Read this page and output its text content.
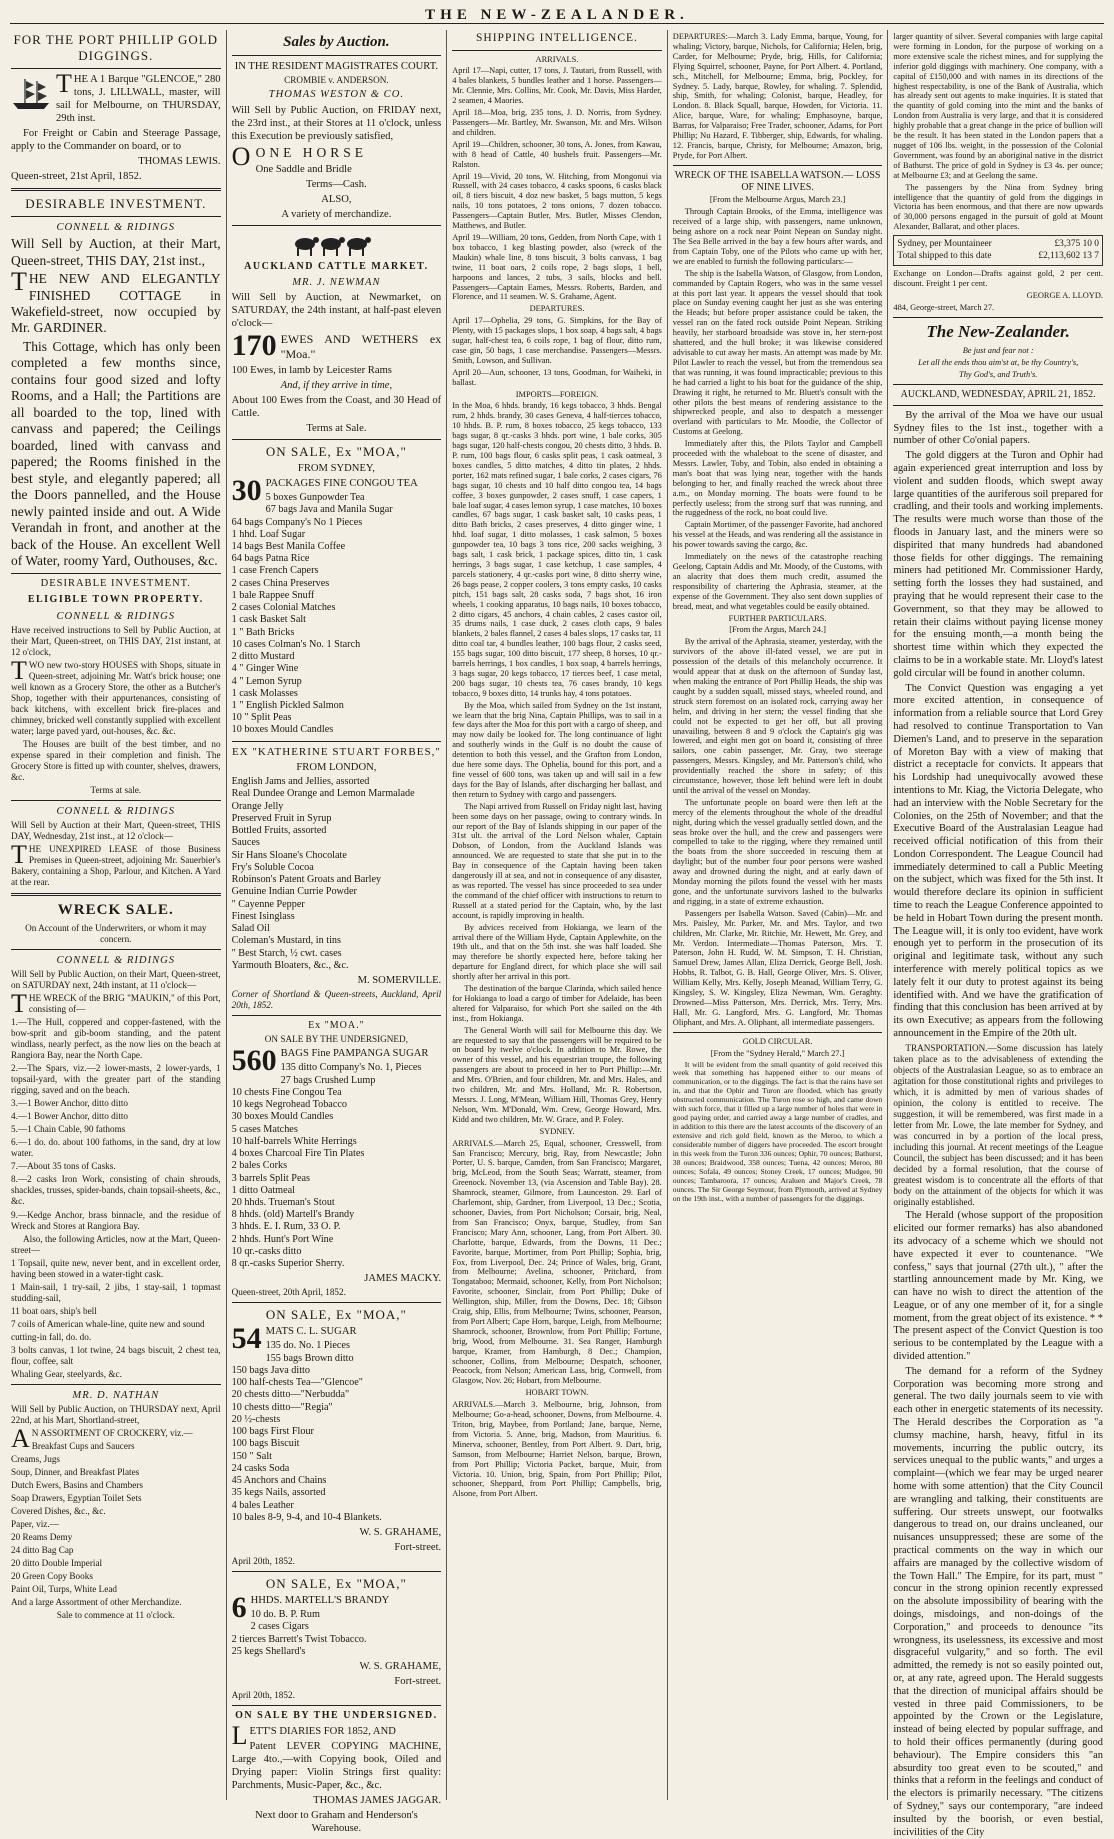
THE NEW-ZEALANDER.
FOR THE PORT PHILLIP GOLD DIGGINGS.

THE A 1 Barque "GLENCOE," 280 tons, J. LILLWALL, master, will sail for Melbourne, on THURSDAY, 29th inst.

For Freight or Cabin and Steerage Passage, apply to the Commander on board, or to

THOMAS LEWIS.

Queen-street, 21st April, 1852.

DESIRABLE INVESTMENT.
CONNELL & RIDINGS

Will Sell by Auction, at their Mart, Queen-street, THIS DAY, 21st inst.,

THE NEW AND ELEGANTLY FINISHED COTTAGE in Wakefield-street, now occupied by Mr. GARDINER.

This Cottage, which has only been completed a few months since, contains four good sized and lofty Rooms, and a Hall; the Partitions are all boarded to the top, lined with canvass and papered; the Ceilings boarded, lined with canvass and papered; the Rooms finished in the best style, and elegantly papered; all the Doors pannelled, and the House newly painted inside and out. A Wide Verandah in front, and another at the back of the House. An excellent Well of Water, roomy Yard, Outhouses, &c.

DESIRABLE INVESTMENT.
ELIGIBLE TOWN PROPERTY.
CONNELL & RIDINGS

Have received instructions to Sell by Public Auction, at their Mart, Queen-street, on THIS DAY, 21st instant, at 12 o'clock,

TWO new two-story HOUSES with Shops, situate in Queen-street, adjoining Mr. Watt's brick house; one well known as a Grocery Store, the other as a Butcher's Shop, together with their appurtenances, consisting of back kitchens, with excellent brick fire-places and chimney, bricked well constantly supplied with excellent water; large paved yard, out-houses, &c. &c.

The Houses are built of the best timber, and no expense spared in their completion and finish. The Grocery Store is fitted up with counter, shelves, drawers, &c.

Terms at sale.

CONNELL & RIDINGS

Will Sell by Auction at their Mart, Queen-street, THIS DAY, Wednesday, 21st inst., at 12 o'clock—

THE UNEXPIRED LEASE of those Business Premises in Queen-street, adjoining Mr. Sauerbier's Bakery, containing a Shop, Parlour, and Kitchen. A Yard at the rear.

WRECK SALE.

On Account of the Underwriters, or whom it may concern.

CONNELL & RIDINGS

Will Sell by Public Auction, on their Mart, Queen-street, on SATURDAY next, 24th instant, at 11 o'clock—

THE WRECK of the BRIG "MAUKIN," of this Port, consisting of—

1.—The Hull, coppered and copper-fastened, with the bow-sprit and gib-boom standing, and the patent windlass, nearly perfect, as the now lies on the beach at Rangiora Bay, near the North Cape.

2.—The Spars, viz.—2 lower-masts, 2 lower-yards, 1 topsail-yard, with the greater part of the standing rigging, saved and on the beach.

3.—1 Bower Anchor, ditto ditto

4.—1 Bower Anchor, ditto ditto

5.—1 Chain Cable, 90 fathoms

6.—1 do. do. about 100 fathoms, in the sand, dry at low water.

7.—About 35 tons of Casks.

8.—2 casks Iron Work, consisting of chain shrouds, shackles, trusses, spider-bands, chain topsail-sheets, &c., &c.

9.—Kedge Anchor, brass binnacle, and the residue of Wreck and Stores at Rangiora Bay.

Also, the following Articles, now at the Mart, Queen-street—

1 Topsail, quite new, never bent, and in excellent order, having been stowed in a water-tight cask.

1 Main-sail, 1 try-sail, 2 jibs, 1 stay-sail, 1 topmast studding-sail,

11 boat oars, ship's bell

7 coils of American whale-line, quite new and sound

cutting-in fall, do. do.

3 bolts canvas, 1 lot twine, 24 bags biscuit, 2 chest tea, flour, coffee, salt

Whaling Gear, steelyards, &c.

MR. D. NATHAN

Will Sell by Public Auction, on THURSDAY next, April 22nd, at his Mart, Shortland-street,

AN ASSORTMENT OF CROCKERY, viz.—

Breakfast Cups and Saucers

Creams, Jugs

Soup, Dinner, and Breakfast Plates

Dutch Ewers, Basins and Chambers

Soap Drawers, Egyptian Toilet Sets

Covered Dishes, &c., &c.

Paper, viz.—

20 Reams Demy

24 ditto Bag Cap

20 ditto Double Imperial

20 Green Copy Books

Paint Oil, Turps, White Lead

And a large Assortment of other Merchandize.

Sale to commence at 11 o'clock.

Sales by Auction.

IN THE RESIDENT MAGISTRATES COURT.

CROMBIE v. ANDERSON.

THOMAS WESTON & CO.

Will Sell by Public Auction, on FRIDAY next, the 23rd inst., at their Stores at 11 o'clock, unless this Execution be previously satisfied,

O ONE HORSE

One Saddle and Bridle

Terms—Cash.

ALSO,

A variety of merchandize.

AUCKLAND CATTLE MARKET.
MR. J. NEWMAN

Will Sell by Auction, at Newmarket, on SATURDAY, the 24th instant, at half-past eleven o'clock—

170 EWES AND WETHERS ex "Moa."

100 Ewes, in lamb by Leicester Rams

And, if they arrive in time,

About 100 Ewes from the Coast, and 30 Head of Cattle.

Terms at Sale.

ON SALE, Ex "MOA,"

FROM SYDNEY,

30 PACKAGES FINE CONGOU TEA

5 boxes Gunpowder Tea
67 bags Java and Manila Sugar
64 bags Company's No 1 Pieces
1 hhd. Loaf Sugar
14 bags Best Manila Coffee
64 bags Patna Rice
1 case French Capers
2 cases China Preserves
1 bale Rappee Snuff
2 cases Colonial Matches
1 cask Basket Salt
1 " Bath Bricks
10 cases Colman's No. 1 Starch
2 ditto Mustard
4 " Ginger Wine
4 " Lemon Syrup
1 cask Molasses
1 " English Pickled Salmon
10 " Split Peas
10 boxes Mould Candles
EX "KATHERINE STUART FORBES,"

FROM LONDON,

English Jams and Jellies, assorted
Real Dundee Orange and Lemon Marmalade
Orange Jelly
Preserved Fruit in Syrup
Bottled Fruits, assorted
Sauces
Sir Hans Sloane's Chocolate
Fry's Soluble Cocoa
Robinson's Patent Groats and Barley
Genuine Indian Currie Powder
" Cayenne Pepper
Finest Isinglass
Salad Oil
Coleman's Mustard, in tins
" Best Starch, ½ cwt. cases
Yarmouth Bloaters, &c., &c.

M. SOMERVILLE.

Corner of Shortland & Queen-streets, Auckland, April 20th, 1852.

Ex "MOA."

ON SALE BY THE UNDERSIGNED,

560 BAGS Fine PAMPANGA SUGAR

135 ditto Company's No. 1, Pieces
27 bags Crushed Lump
10 chests Fine Congou Tea
10 kegs Negrohead Tobacco
30 boxes Mould Candles
5 cases Matches
10 half-barrels White Herrings
4 boxes Charcoal Fire Tin Plates
2 bales Corks
3 barrels Split Peas
1 ditto Oatmeal
20 hhds. Trueman's Stout
8 hhds. (old) Martell's Brandy
3 hhds. E. I. Rum, 33 O. P.
2 hhds. Hunt's Port Wine
10 qr.-casks ditto
8 qr.-casks Superior Sherry.

JAMES MACKY.

Queen-street, 20th April, 1852.

ON SALE, Ex "MOA,"
54 MATS C. L. SUGAR

135 do. No. 1 Pieces
155 bags Brown ditto
150 bags Java ditto
100 half-chests Tea—"Glencoe"
20 chests ditto—"Nerbudda"
10 chests ditto—"Regia"
20 ½-chests
100 bags First Flour
100 bags Biscuit
150 " Salt
24 casks Soda
45 Anchors and Chains
35 kegs Nails, assorted
4 bales Leather
10 bales 8-9, 9-4, and 10-4 Blankets.

W. S. GRAHAME,

Fort-street.

April 20th, 1852.

ON SALE, Ex "MOA,"
6 HHDS. MARTELL'S BRANDY

10 do. B. P. Rum
2 cases Cigars
2 tierces Barrett's Twist Tobacco.
25 kegs Shellard's

W. S. GRAHAME,

Fort-street.

April 20th, 1852.

ON SALE BY THE UNDERSIGNED.

LETT'S DIARIES FOR 1852, AND

Patent LEVER COPYING MACHINE, Large 4to.,—with Copying book, Oiled and Drying paper: Violin Strings first quality: Parchments, Music-Paper, &c., &c.

THOMAS JAMES JAGGAR.

Next door to Graham and Henderson's Warehouse.

SHIPPING INTELLIGENCE.

ARRIVALS.

April 17—Napi, cutter, 17 tons, J. Tautari, from Russell, with 4 bales blankets, 5 bundles leather and 1 horse. Passengers—Mr. Clennie, Mrs. Collins, Mr. Cook, Mr. Davis, Miss Harder, 2 seamen, 4 Maories.

April 18—Moa, brig, 235 tons, J. D. Norris, from Sydney. Passengers—Mr. Bartley, Mr. Swanson, Mr. and Mrs. Wilson and children.

April 19—Children, schooner, 30 tons, A. Jones, from Kawau, with 8 head of Cattle, 40 bushels fruit. Passengers—Mr. Ralston.

April 19—Vivid, 20 tons, W. Hitching, from Mongonui via Russell, with 24 cases tobacco, 4 casks spoons, 6 casks black oil, 8 tiers biscuit, 4 doz new basket, 5 bags mutton, 5 kegs nails, 10 tons potatoes, 2 tons onions, 7 dozen tobacco. Passengers—Captain Butler, Mrs. Butler, Misses Clendon, Matthews, and Butler.

April 19—William, 20 tons, Gedden, from North Cape, with 1 box tobacco, 1 keg blasting powder, also (wreck of the Maukin) whale line, 8 tons biscuit, 3 bolts canvass, 1 bag twine, 11 boat oars, 2 coils rope, 2 bags slops, 1 bell, harpoons and lances, 2 tubs, 3 sails, blocks and bell. Passengers—Captain Eames, Messrs. Roberts, Barden, and Florence, and 11 seamen. W. S. Grahame, Agent.

DEPARTURES.

April 17—Ophelia, 29 tons, G. Simpkins, for the Bay of Plenty, with 15 packages slops, 1 box soap, 4 bags salt, 4 bags sugar, half-chest tea, 6 coils rope, 1 bag of flour, ditto rum, case gin, 50 bags, 1 case merchandise. Passengers—Messrs. Smith, Lowson, and Sullivan.

April 20—Aun, schooner, 13 tons, Goodman, for Waiheki, in ballast.

IMPORTS—FOREIGN.

In the Moa, 6 hhds. brandy, 16 kegs tobacco, 3 hhds. Bengal rum, 2 hhds. brandy, 30 cases Geneva, 4 half-tierces tobacco, 10 hhds. B. P. rum, 8 boxes tobacco, 25 kegs tobacco, 133 bags sugar, 8 qr.-casks 3 hhds. port wine, 1 bale corks, 305 bags sugar, 120 half-chests congou, 20 chests ditto, 3 hhds. B. P. rum, 100 bags flour, 6 casks split peas, 1 cask oatmeal, 3 boxes candles, 5 ditto matches, 4 ditto tin plates, 2 hhds. porter, 162 mats refined sugar, 1 bale corks, 2 cases cigars, 76 bags sugar, 10 chests and 10 half ditto congou tea, 14 bags coffee, 3 boxes gunpowder, 2 cases snuff, 1 case capers, 1 bale loaf sugar, 4 cases lemon syrup, 1 case matches, 10 boxes candles, 67 bags sugar, 1 cask basket salt, 10 casks peas, 1 ditto Bath bricks, 2 cases preserves, 4 ditto ginger wine, 1 hhd. loaf sugar, 1 ditto molasses, 1 cask salmon, 5 boxes gunpowder tea, 10 bags 3 tons rice, 200 sacks weighing, 3 bags salt, 1 cask brick, 1 package spices, ditto tin, 1 cask herrings, 3 bags sugar, 1 case ketchup, 1 case samples, 4 parcels stationery, 4 qr.-casks port wine, 8 ditto sherry wine, 26 bags pease, 2 copper coolers, 3 tons empty casks, 10 casks pitch, 151 bags salt, 28 casks soda, 7 bags shot, 16 iron wheels, 1 cooking apparatus, 10 bags nails, 10 boxes tobacco, 2 ditto cigars, 45 anchors, 4 chain cables, 2 cases castor oil, 35 drums nails, 1 case duck, 2 cases cloth caps, 9 bales blankets, 2 bales flannel, 2 cases 4 bales slops, 17 casks tar, 11 ditto coal tar, 4 bundles leather, 100 bags flour, 2 casks seed, 155 bags sugar, 100 ditto biscuit, 177 sheep, 8 horses, 10 qr.-barrels herrings, 1 box candles, 1 box soap, 4 barrels herrings, 3 bags sugar, 20 kegs tobacco, 17 tierces beef, 1 case metal, 200 bags sugar, 10 chests tea, 76 cases brandy, 10 kegs tobacco, 9 boxes ditto, 14 trunks hay, 4 tons potatoes.

By the Moa, which sailed from Sydney on the 1st instant, we learn that the brig Nina, Captain Phillips, was to sail in a few days after the Moa for this port with a cargo of sheep, and may now daily be looked for. The long continuance of light and southerly winds in the Gulf is no doubt the cause of detention to both this vessel, and the Grafton from London, due here some days. The Ophelia, bound for this port, and a fine vessel of 600 tons, was taken up and will sail in a few days for the Bay of Islands, after discharging her ballast, and then return to Sydney with cargo and passengers.

The Napi arrived from Russell on Friday night last, having been some days on her passage, owing to contrary winds. In our report of the Bay of Islands shipping in our paper of the 31st ult. the arrival of the Lord Nelson whaler, Captain Dobson, of London, from the Auckland Islands was announced. We are requested to state that she put in to the Bay in consequence of the Captain having been taken dangerously ill at sea, and not in consequence of any disaster, as was reported. The vessel has since proceeded to sea under the command of the chief officer with instructions to return to Russell at a stated period for the Captain, who, by the last account, is rapidly improving in health.

By advices received from Hokianga, we learn of the arrival there of the William Hyde, Captain Applewhite, on the 19th ult., and that on the 5th inst. she was half loaded. She may therefore be shortly expected here, before taking her departure for England direct, for which place she will sail shortly after her arrival in this port.

The destination of the barque Clarinda, which sailed hence for Hokianga to load a cargo of timber for Adelaide, has been altered for Valparaiso, for which Port she sailed on the 4th inst., from Hokianga.

The General Worth will sail for Melbourne this day. We are requested to say that the passengers will be required to be on board by twelve o'clock. In addition to Mr. Rowe, the owner of this vessel, and his equestrian troupe, the following passengers are about to proceed in her to Port Phillip:—Mr. and Mrs. O'Brien, and four children, Mr. and Mrs. Hales, and two children, Mr. and Mrs. Holland, Mr. R. Robertson, Messrs. J. Long, M'Mean, William Hill, Thomas Grey, Henry Nelson, Wm. M'Donald, Wm. Crew, George Howard, Mrs. Kidd and two children, Mr. W. Grace, and P. Foley.

SYDNEY.

ARRIVALS.—March 25, Equal, schooner, Cresswell, from San Francisco; Mercury, brig, Ray, from Newcastle; John Porter, U. S. barque, Camden, from San Francisco; Margaret, brig, McLeod, from the South Seas; Warratt, steamer, from Greenock. November 13, (via Ascension and Table Bay). 28. Shamrock, steamer, Gilmore, from Launceston. 29. Earl of Charlemont, ship, Gardner, from Liverpool, 13 Dec.; Scotia, schooner, Davies, from Port Nicholson; Corsair, brig, Neal, from San Francisco; Onyx, barque, Studley, from San Francisco; Mary Ann, schooner, Lang, from Port Albert. 30. Charlotte, barque, Edwards, from the Downs, 11 Dec.; Favorite, barque, Mortimer, from Port Phillip; Sophia, brig, Fox, from Liverpool, Dec. 24; Prince of Wales, brig, Grant, from Melbourne; Avelina, schooner, Pritchard, from Tongataboo; Mermaid, schooner, Kelly, from Port Nicholson; Favorite, schooner, Sinclair, from Port Phillip; Duke of Wellington, ship, Miller, from the Downs, Dec. 18; Gibson Craig, ship, Ellis, from Melbourne; Twins, schooner, Pearson, from Port Albert; Cape Horn, barque, Leigh, from Melbourne; Shamrock, schooner, Brownlow, from Port Phillip; Fortune, brig, Wood, from Melbourne. 31. Sea Ranger, Hamburgh barque, Kramer, from Hamburgh, 8 Dec.; Champion, schooner, Collins, from Melbourne; Despatch, schooner, Peacock, from Nelson; American Lass, brig, Cornwell, from Glasgow, Nov. 26; Hobart, from Melbourne.

HOBART TOWN.

ARRIVALS.—March 3. Melbourne, brig, Johnson, from Melbourne; Go-a-head, schooner, Downs, from Melbourne. 4. Triton, brig, Maybee, from Portland; Jane, barque, Nerne, from Victoria. 5. Anne, brig, Madson, from Mauritius. 6. Minerva, schooner, Bentley, from Port Albert. 9. Dart, brig, Samson, from Melbourne; Harriet Nelson, barque, Brown, from Port Phillip; Victoria Packet, barque, Muir, from Victoria. 10. Union, brig, Spain, from Port Phillip; Pilot, schooner, Sheppard, from Port Phillip; Campbells, brig, Alsone, from Port Albert.

DEPARTURES:—March 3. Lady Emma, barque, Young, for whaling; Victory, barque, Nichols, for California; Helen, brig, Carder, for Melbourne; Pryde, brig, Hills, for California; Flying Squirrel, schooner, Payne, for Port Albert. 4. Portland, sch., Mitchell, for Melbourne; Emma, brig, Pockley, for Sydney. 5. Lady, barque, Rowley, for whaling. 7. Splendid, ship, Smith, for whaling; Colonist, barque, Headley, for London. 8. Black Squall, barque, Howden, for Victoria. 11. Alice, barque, Ware, for whaling; Emphasoyne, barque, Barras, for Valparaiso; Free Trader, schooner, Adams, for Port Phillip; Nu Hazard, F. Tibberger, ship, Edwards, for whaling. 12. Francis, barque, Christy, for Melbourne; Amazon, brig, Pryde, for Port Albert.

WRECK OF THE ISABELLA WATSON.— LOSS OF NINE LIVES.

[From the Melbourne Argus, March 23.]

Through Captain Brooks, of the Emma, intelligence was received of a large ship, with passengers, name unknown, being ashore on a rock near Point Nepean on Sunday night. The Sea Belle arrived in the bay a few hours after wards, and from Captain Toby, one of the Pilots who came up with her, we are enabled to furnish the following particulars:—

The ship is the Isabella Watson, of Glasgow, from London, commanded by Captain Rogers, who was in the same vessel at this port last year. It appears the vessel should that took place on Sunday evening caught her just as she was entering the Heads; but before proper assistance could be taken, the vessel ran on the fated rock outside Point Nepean. Striking heavily, her starboard broadside was stove in, her stern-post shattered, and the hull broke; it was likewise considered advisable to cut away her masts. An attempt was made by Mr. Pilot Lawler to reach the vessel, but from the tremendous sea that was running, it was found impracticable; previous to this he had carried a light to his boat for the guidance of the ship, Drawing it right, he returned to Mr. Bluett's consult with the other pilots the best means of rendering assistance to the shipwrecked people, and also to despatch a messenger overland with particulars to Mr. Moodie, the Collector of Customs at Geelong.

Immediately after this, the Pilots Taylor and Campbell proceeded with the whaleboat to the scene of disaster, and Messrs. Lawler, Toby, and Tobin, also ended in obtaining a man's boat that was lying near, together with the hands belonging to her, and finally reached the wreck about three a.m., on Monday morning. The boats were found to be perfectly useless; from the strong surf that was running, and the ruggedness of the rock, no boat could live.

Captain Mortimer, of the passenger Favorite, had anchored his vessel at the Heads, and was rendering all the assistance in his power towards saving the cargo, &c.

Immediately on the news of the catastrophe reaching Geelong, Captain Addis and Mr. Moody, of the Customs, with an alacrity that does them much credit, assumed the responsibility of chartering the Aphrasia, steamer, at the expense of the Government. They also sent down supplies of bread, meat, and what vegetables could be easily obtained.

FURTHER PARTICULARS.

[From the Argus, March 24.]

By the arrival of the Aphrasia, steamer, yesterday, with the survivors of the above ill-fated vessel, we are put in possession of the details of this melancholy occurrence. It would appear that at dusk on the afternoon of Sunday last, when making the entrance of Port Phillip Heads, the ship was caught by a sudden squall, missed stays, wheeled round, and struck stern foremost on an isolated rock, carrying away her helm, and driving in her stern; the vessel finding that she could not be expected to get her off, but all proving unavailing, between 8 and 9 o'clock the Captain's gig was lowered, and eight men got on board it, consisting of three sailors, one cabin passenger, Mr. Gray, two steerage passengers, Messrs. Kingsley, and Mr. Patterson's child, who providentially reached the shore in safety; of this circumstance, however, those left behind were left in doubt until the arrival of the vessel on Monday.

The unfortunate people on board were then left at the mercy of the elements throughout the whole of the dreadful night, during which the vessel gradually settled down, and the seas broke over the hull, and the crew and passengers were compelled to take to the rigging, where they remained until the boats from the shore succeeded in rescuing them at daylight; but of the number four poor persons were washed away and drowned during the night, and at early dawn of Monday morning the pilots found the vessel with her masts gone, and the unfortunate survivors lashed to the bulwarks and rigging, in a state of extreme exhaustion.

Passengers per Isabella Watson. Saved (Cabin)—Mr. and Mrs. Paisley, Mr. Parker, Mr. and Mrs. Taylor, and two children, Mr. Clarke, Mr. Ritchie, Mr. Hewett, Mr. Grey, and Mr. Verdon. Intermediate—Thomas Paterson, Mrs. T. Paterson, John H. Rudd, W. M. Simpson, T. H. Christian, Samuel Drew, James Allan, Eliza Derrick, George Bell, Josh. Hobbs, R. Talbot, G. B. Hall, George Oliver, Mrs. S. Oliver, William Kelly, Mrs. Kelly, Joseph Meanad, William Terry, G. Kingsley, S. W. Kingsley, Eliza Newman, Wm. Geraghty. Drowned—Miss Patterson, Mrs. Derrick, Mrs. Terry, Mrs. Hall, Mr. G. Langford, Mrs. G. Langford, Mr. Thomas Oliphant, and Mrs. A. Oliphant, all intermediate passengers.

GOLD CIRCULAR.

[From the "Sydney Herald," March 27.]

It will be evident from the small quantity of gold received this week that something has happened either to our means of communication, or to the diggings. The fact is that the rains have set in, and that the Ophir and Turon are flooded, which has greatly obstructed communication. The Turon rose so high, and came down with such force, that it filled up a large number of holes that were in good paying order, and carried away a large number of cradles, and in addition to this there are the latest accounts of the discovery of an extensive and rich gold field, known as the Meroo, to which a considerable number of diggers have proceeded. The escort brought in this week from the Turon 336 ounces; Ophir, 70 ounces; Bathurst, 38 ounces; Braidwood, 358 ounces; Tuena, 42 ounces; Meroo, 80 ounces; Sofala, 49 ounces; Stoney Creek, 17 ounces; Mudgee, 90 ounces; Tambaroora, 17 ounces; Araluen and Major's Creek, 78 ounces. The Sir George Seymour, from Plymouth, arrived at Sydney on the 19th inst., with a number of passengers for the diggings.

larger quantity of silver. Several companies with large capital were forming in London, for the purpose of working on a more extensive scale the richest mines, and for supplying the inferior gold diggings with machinery. One company, with a capital of £150,000 and with names in its directions of the highest respectability, is one of the Bank of Australia, which has already sent out agents to make inquiries. It is stated that the quantity of gold coming into the mint and the banks of London from Australia is very large, and that it is considered highly probable that a great change in the price of bullion will be the result. It has been stated in the London papers that a nugget of 106 lbs. weight, in the possession of the Colonial Government, was found by an aboriginal native in the district of Bathurst. The price of gold in Sydney is £3 4s. per ounce; at Melbourne £3; and at Geelong the same.

The passengers by the Nina from Sydney bring intelligence that the quantity of gold from the diggings in Victoria has been enormous, and that there are now upwards of 30,000 persons engaged in the pursuit of gold at Mount Alexander, Ballarat, and other places.

Sydney, per Mountaineer	£3,375 10 0
Total shipped to this date	£2,113,602 13 7

Exchange on London—Drafts against gold, 2 per cent. discount. Freight 1 per cent.

GEORGE A. LLOYD.

484, George-street, March 27.

The New-Zealander.

Be just and fear not :

Let all the ends thou aim'st at, be thy Country's,

Thy God's, and Truth's.

AUCKLAND, WEDNESDAY, APRIL 21, 1852.

By the arrival of the Moa we have our usual Sydney files to the 1st inst., together with a number of other Co'onial papers.

The gold diggers at the Turon and Ophir had again experienced great interruption and loss by violent and sudden floods, which swept away large quantities of the auriferous soil prepared for cradling, and their tools and working implements. The results were much worse than those of the floods in January last, and the miners were so dispirited that many hundreds had abandoned those fields for other diggings. The remaining miners had petitioned Mr. Commissioner Hardy, setting forth the losses they had sustained, and praying that he would represent their case to the Government, so that they may be allowed to retain their claims without paying license money for the ensuing month,—a month being the shortest time within which they expected the claims to be in a workable state. Mr. Lloyd's latest gold circular will be found in another column.

The Convict Question was engaging a yet more excited attention, in consequence of information from a reliable source that Lord Grey had resolved to continue Transportation to Van Diemen's Land, and to preserve in the separation of Moreton Bay with a view of making that district a receptacle for convicts. It appears that his Lordship had unequivocally avowed these intentions to Mr. Kiag, the Victoria Delegate, who had an interview with the Noble Secretary for the Colonies, on the 25th of November; and that the Executive Board of the Australasian League had received official notification of this from their London Correspondent. The League Council had immediately determined to call a Public Meeting on the subject, which was fixed for the 5th inst. It would therefore declare its opinion in sufficient time to reach the League Conference appointed to be held in Hobart Town during the present month. The League will, it is only too evident, have work enough yet to perform in the prosecution of its original and legitimate task, without any such interference with merely political topics as we lately felt it our duty to protest against its being identified with. And we have the gratification of finding that this conclusion has been arrived at by its own Executive; as appears from the following announcement in the Empire of the 20th ult.

TRANSPORTATION.—Some discussion has lately taken place as to the advisableness of extending the objects of the Australasian League, so as to embrace an agitation for those constitutional rights and privileges to which, it is admitted by men of various shades of opinion, the colony is entitled to receive. The suggestion, it will be remembered, was first made in a letter from Mr. Lowe, the late member for Sydney, and was concurred in by a portion of the local press, including this journal. At recent meetings of the League Council, the subject has been discussed; and it has been decided by a formal resolution, that the course of greatest wisdom is to concentrate all the efforts of that body on the attainment of the objects for which it was originally established.

The Herald (whose support of the proposition elicited our former remarks) has also abandoned its advocacy of a scheme which we should not have expected it ever to countenance. "We confess," says that journal (27th ult.), " after the startling announcement made by Mr. King, we can have no wish to direct the attention of the League, or of any one member of it, for a single moment, from the great object of its existence. * * The present aspect of the Convict Question is too serious to be contemplated by the League with a divided attention."

The demand for a reform of the Sydney Corporation was becoming more strong and general. The two daily journals seem to vie with each other in energetic statements of its necessity. The Herald describes the Corporation as "a clumsy machine, harsh, heavy, fitful in its movements, incurring the public outcry, its services unequal to the public wants," and urges a complaint—(which we fear may be urged nearer home with some attention) that the City Council are wrangling and talking, their constituents are suffering. Our streets unswept, our footwalks dangerous to tread on, our drains uncleaned, our nuisances unsuppressed; these are some of the practical comments on the way in which our affairs are managed by the collective wisdom of the Town Hall." The Empire, for its part, must " concur in the strong opinion recently expressed on the absolute impossibility of bearing with the doings, misdoings, and non-doings of the Corporation," and proceeds to denounce "its wrongness, its uselessness, its excessive and most disgraceful vulgarity," and so forth. The evil admitted, the remedy is not so easily pointed out, or, at any rate, agreed upon. The Herald suggests that the direction of municipal affairs should be vested in three paid Commissioners, to be appointed by the Crown or the Legislature, instead of being elected by popular suffrage, and to hold their offices permanently (during good behaviour). The Empire considers this "an absurdity too great even to be scouted," and thinks that a reform in the feelings and conduct of the electors is primarily necessary. "The citizens of Sydney," says our contemporary, "are indeed insulted by the boorish, or even bestial, incivilities of the City
